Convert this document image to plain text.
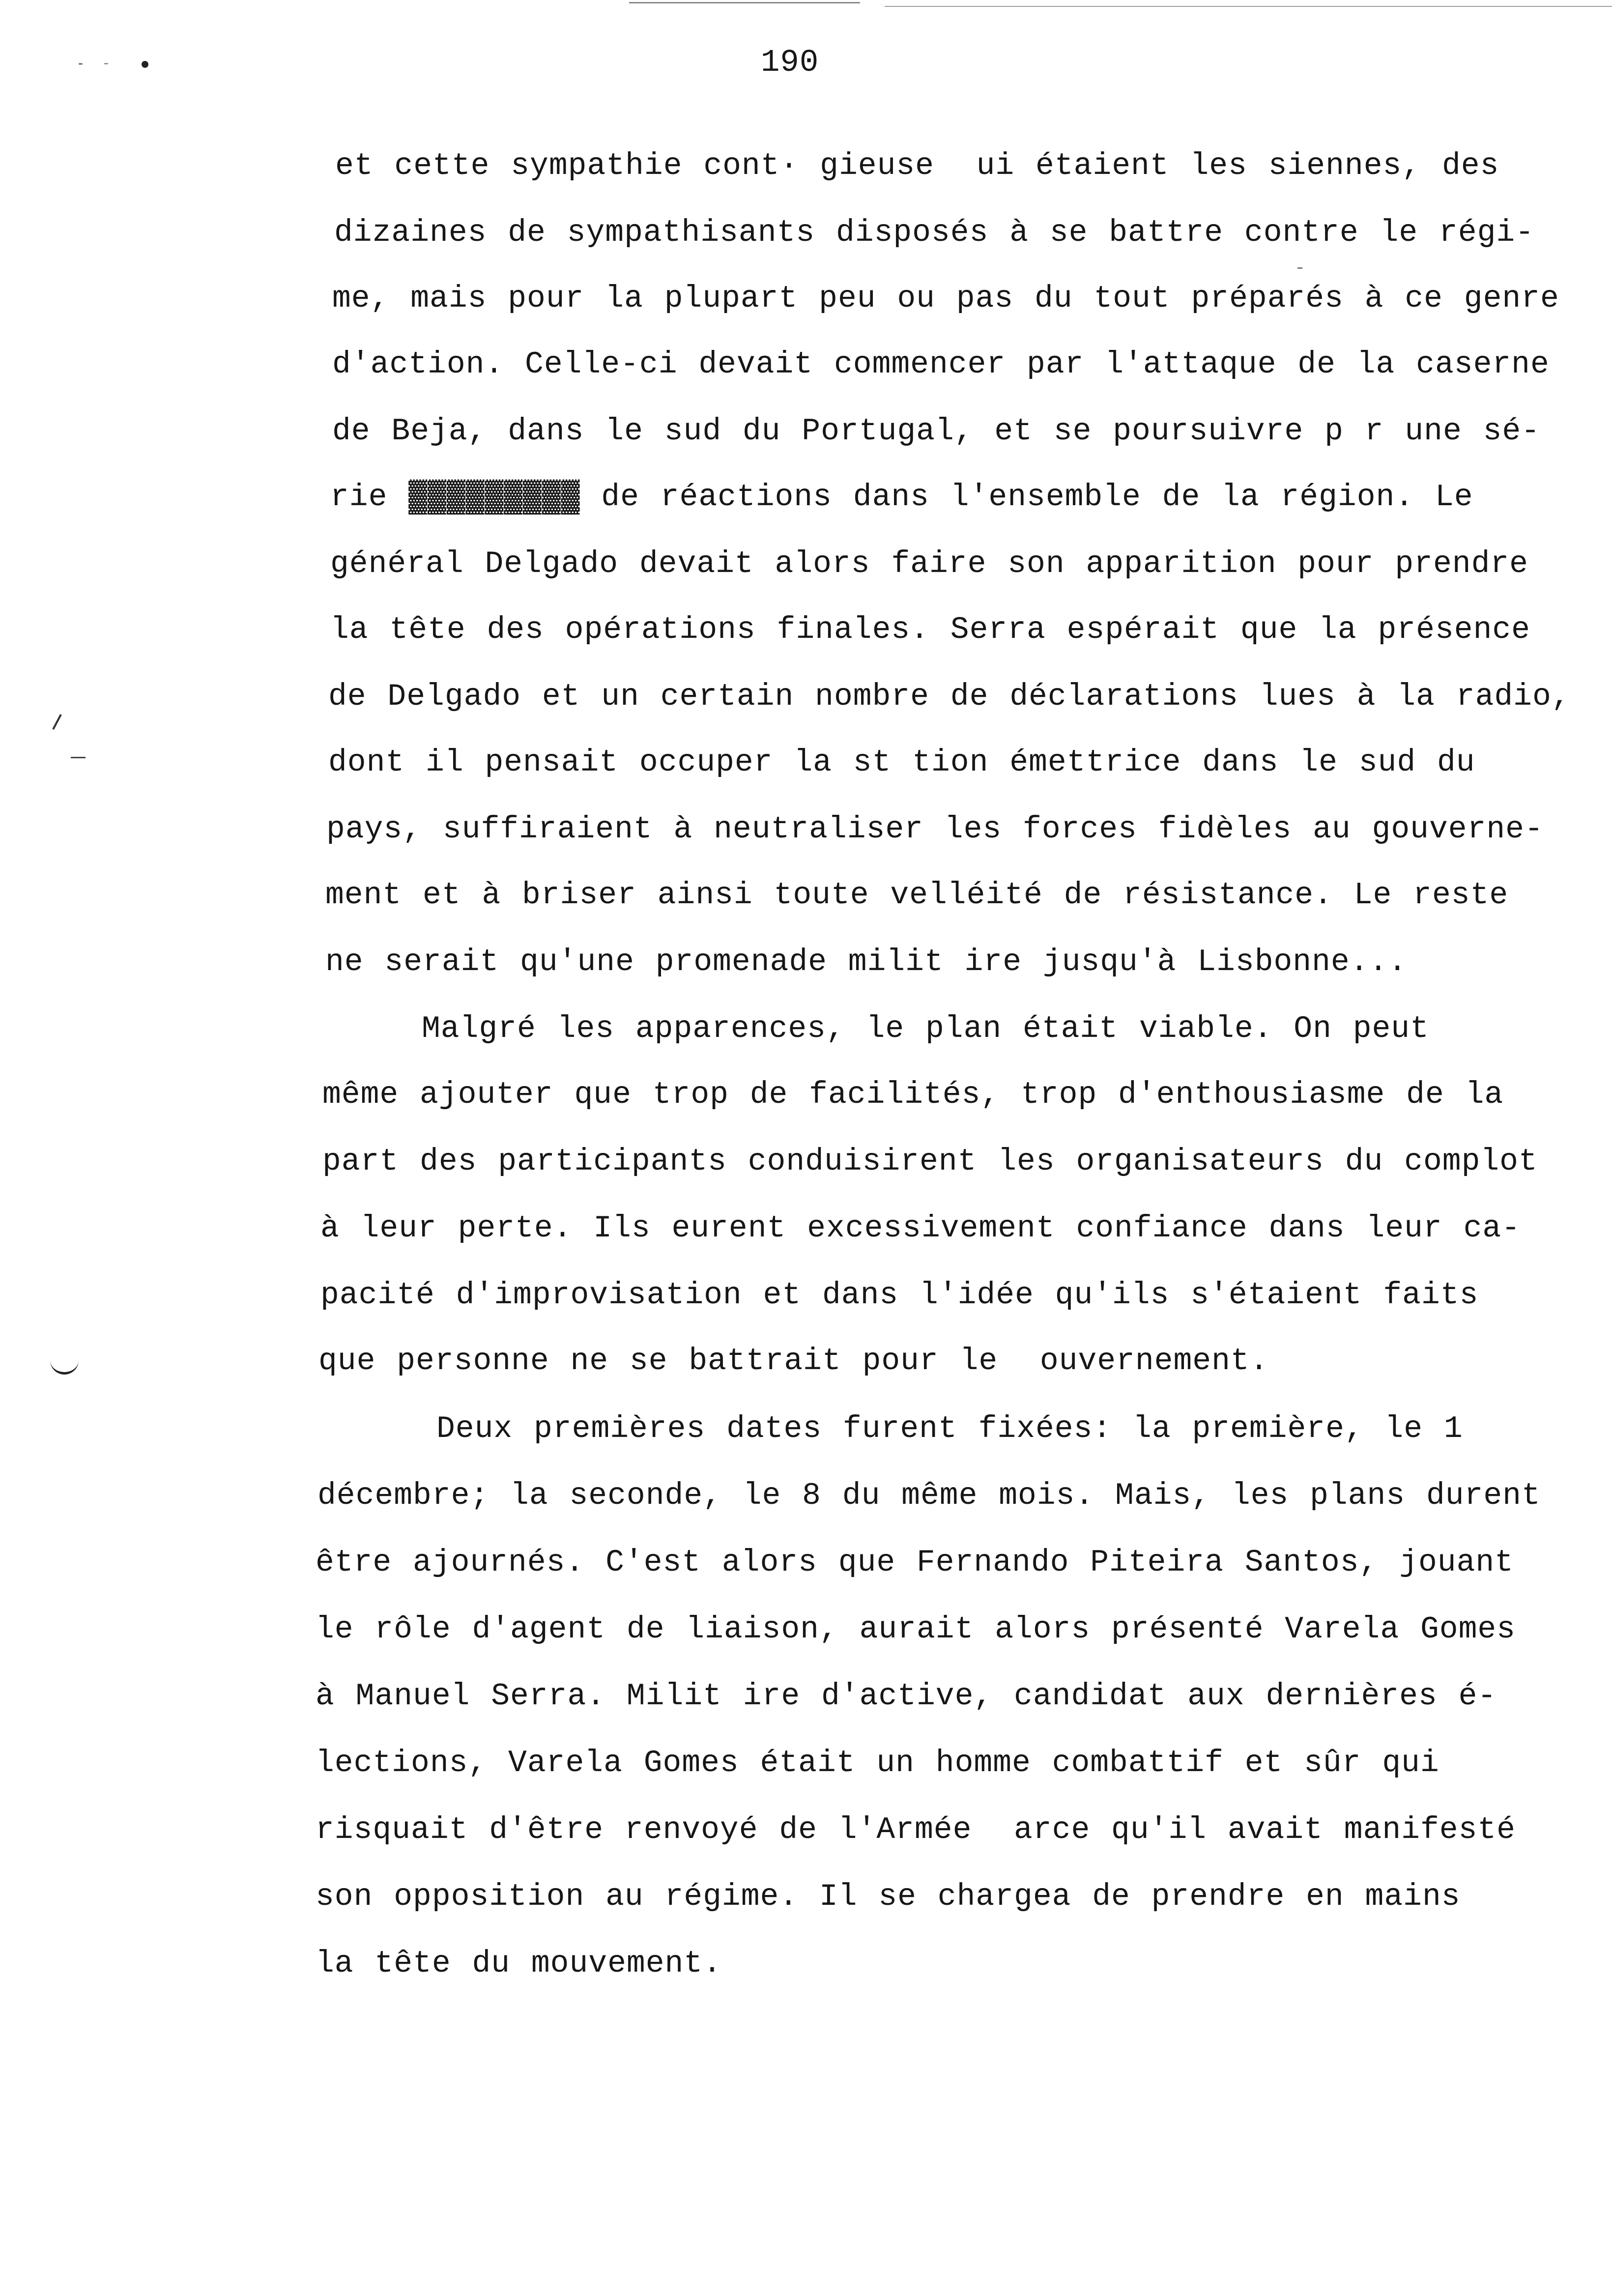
190
et cette sympathie cont· gieuse  ui étaient les siennes, des
dizaines de sympathisants disposés à se battre contre le régi-
me, mais pour la plupart peu ou pas du tout préparés à ce genre
d'action. Celle-ci devait commencer par l'attaque de la caserne
de Beja, dans le sud du Portugal, et se poursuivre p r une sé-
rie ▓▓▓▓▓▓▓▓▓ de réactions dans l'ensemble de la région. Le
général Delgado devait alors faire son apparition pour prendre
la tête des opérations finales. Serra espérait que la présence
de Delgado et un certain nombre de déclarations lues à la radio,
dont il pensait occuper la st tion émettrice dans le sud du
pays, suffiraient à neutraliser les forces fidèles au gouverne-
ment et à briser ainsi toute velléité de résistance. Le reste
ne serait qu'une promenade milit ire jusqu'à Lisbonne...
Malgré les apparences, le plan était viable. On peut
même ajouter que trop de facilités, trop d'enthousiasme de la
part des participants conduisirent les organisateurs du complot
à leur perte. Ils eurent excessivement confiance dans leur ca-
pacité d'improvisation et dans l'idée qu'ils s'étaient faits
que personne ne se battrait pour le  ouvernement.
Deux premières dates furent fixées: la première, le 1
décembre; la seconde, le 8 du même mois. Mais, les plans durent
être ajournés. C'est alors que Fernando Piteira Santos, jouant
le rôle d'agent de liaison, aurait alors présenté Varela Gomes
à Manuel Serra. Milit ire d'active, candidat aux dernières é-
lections, Varela Gomes était un homme combattif et sûr qui
risquait d'être renvoyé de l'Armée  arce qu'il avait manifesté
son opposition au régime. Il se chargea de prendre en mains
la tête du mouvement.
